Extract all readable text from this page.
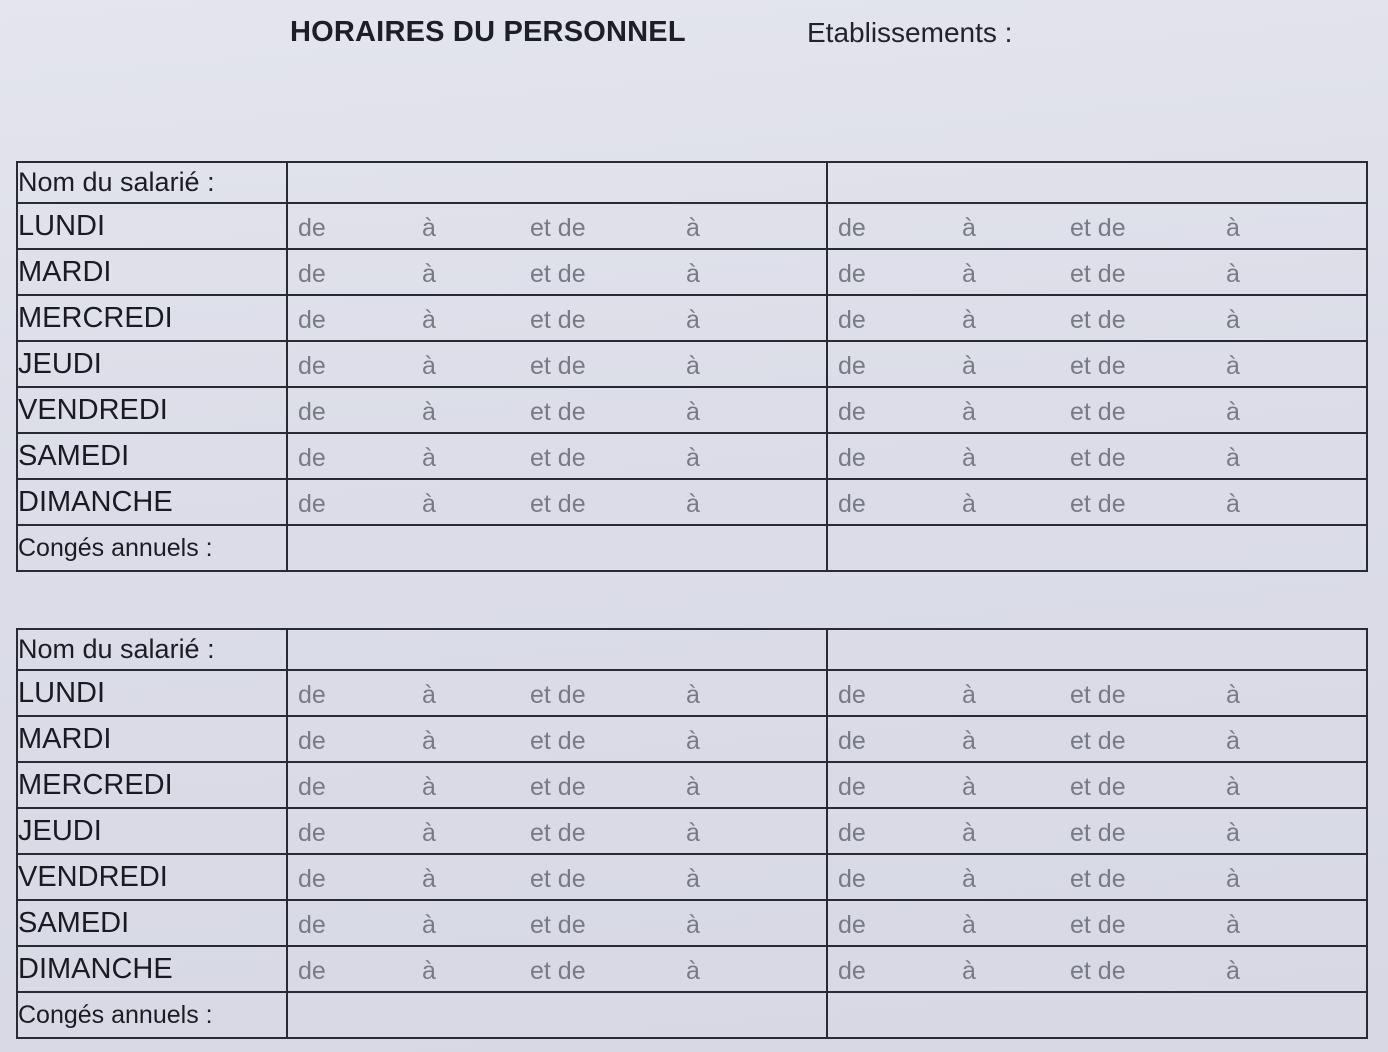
HORAIRES DU PERSONNEL	Etablissements :
Nom du salarié :		
LUNDI	de à et de à	de à et de à

MARDI	de à et de à	de à et de à

MERCREDI	de à et de à	de à et de à

JEUDI	de à et de à	de à et de à

VENDREDI	de à et de à	de à et de à

SAMEDI	de à et de à	de à et de à

DIMANCHE	de à et de à	de à et de à

Congés annuels :		
Nom du salarié :		
LUNDI	de à et de à	de à et de à

MARDI	de à et de à	de à et de à

MERCREDI	de à et de à	de à et de à

JEUDI	de à et de à	de à et de à

VENDREDI	de à et de à	de à et de à

SAMEDI	de à et de à	de à et de à

DIMANCHE	de à et de à	de à et de à

Congés annuels :		
